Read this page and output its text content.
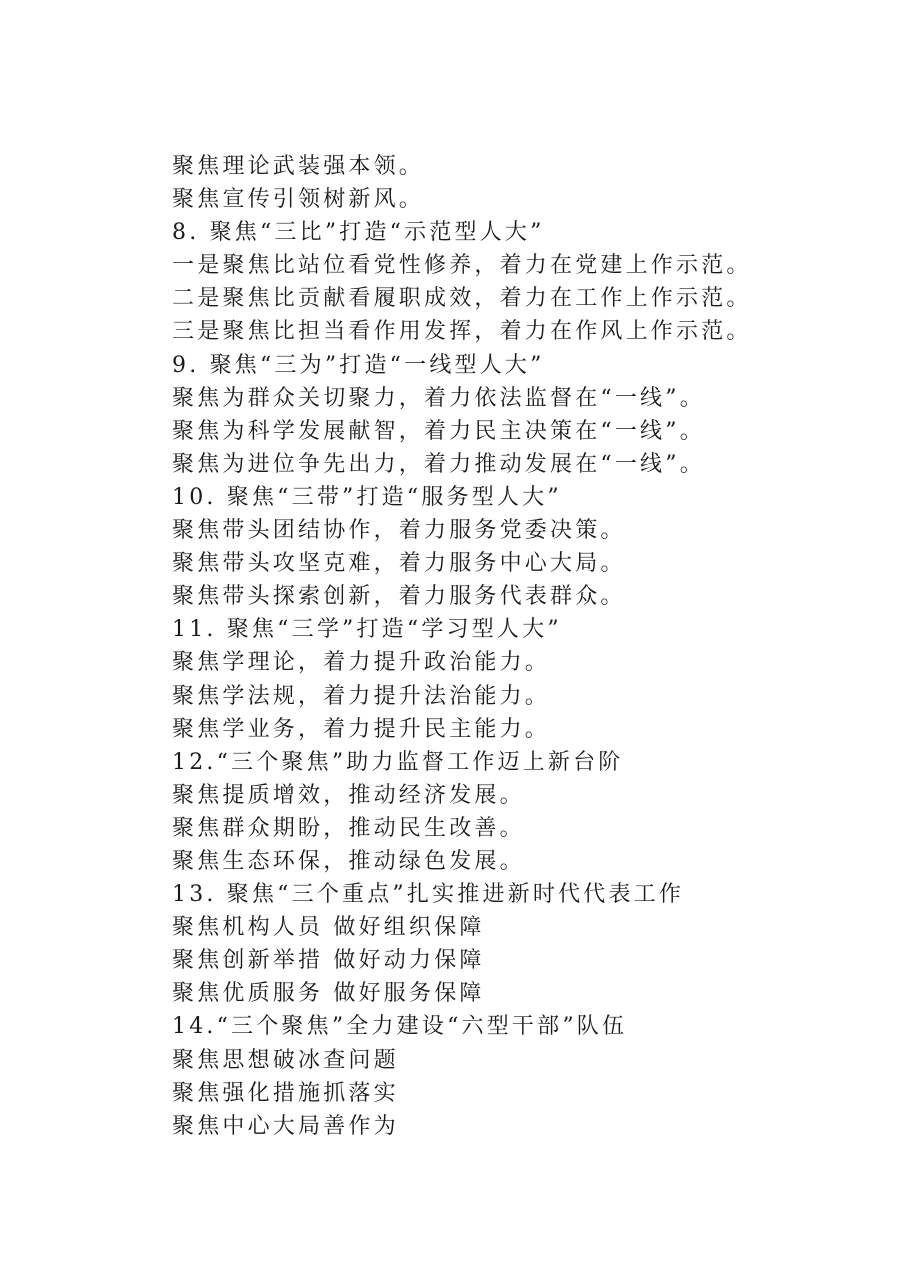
聚焦理论武装强本领。

聚焦宣传引领树新风。

8. 聚焦“三比”打造“示范型人大”

一是聚焦比站位看党性修养，着力在党建上作示范。

二是聚焦比贡献看履职成效，着力在工作上作示范。

三是聚焦比担当看作用发挥，着力在作风上作示范。

9. 聚焦“三为”打造“一线型人大”

聚焦为群众关切聚力，着力依法监督在“一线”。

聚焦为科学发展献智，着力民主决策在“一线”。

聚焦为进位争先出力，着力推动发展在“一线”。

10. 聚焦“三带”打造“服务型人大”

聚焦带头团结协作，着力服务党委决策。

聚焦带头攻坚克难，着力服务中心大局。

聚焦带头探索创新，着力服务代表群众。

11. 聚焦“三学”打造“学习型人大”

聚焦学理论，着力提升政治能力。

聚焦学法规，着力提升法治能力。

聚焦学业务，着力提升民主能力。

12.“三个聚焦”助力监督工作迈上新台阶

聚焦提质增效，推动经济发展。

聚焦群众期盼，推动民生改善。

聚焦生态环保，推动绿色发展。

13. 聚焦“三个重点”扎实推进新时代代表工作

聚焦机构人员 做好组织保障

聚焦创新举措 做好动力保障

聚焦优质服务 做好服务保障

14.“三个聚焦”全力建设“六型干部”队伍

聚焦思想破冰查问题

聚焦强化措施抓落实

聚焦中心大局善作为
